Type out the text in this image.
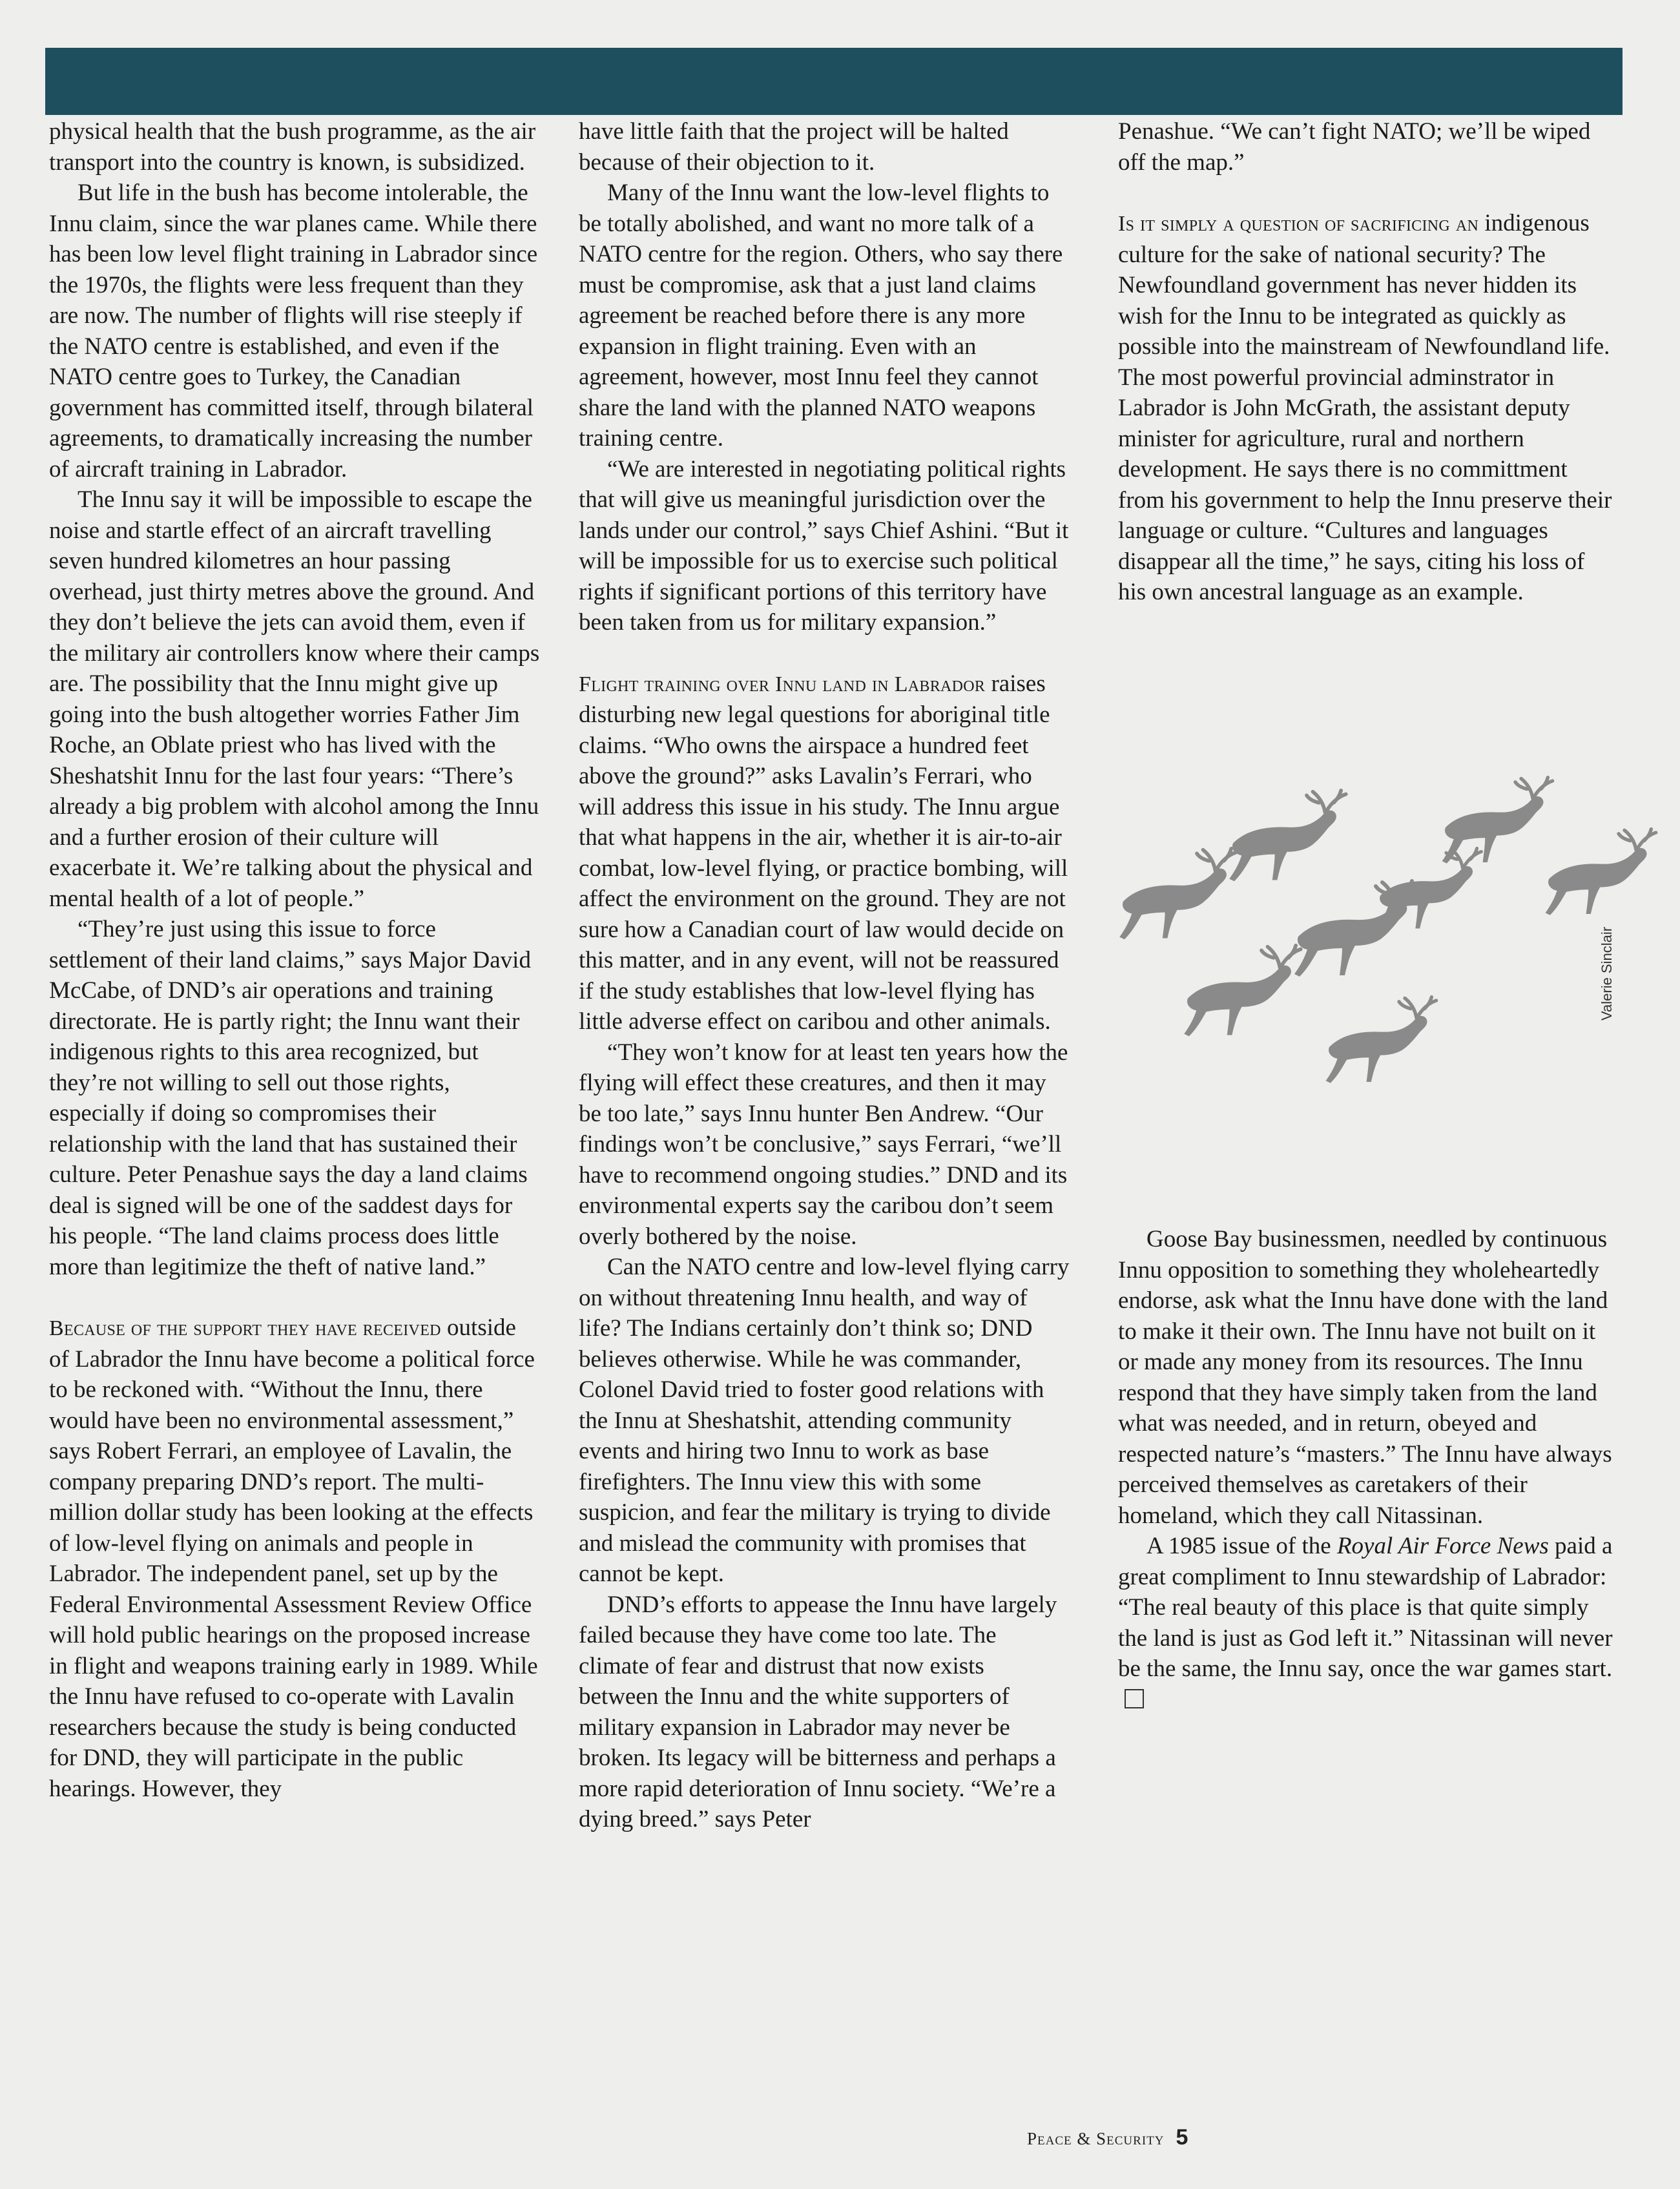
physical health that the bush programme, as the air transport into the country is known, is subsidized.

But life in the bush has become intolerable, the Innu claim, since the war planes came. While there has been low level flight training in Labrador since the 1970s, the flights were less frequent than they are now. The number of flights will rise steeply if the NATO centre is established, and even if the NATO centre goes to Turkey, the Canadian government has committed itself, through bilateral agreements, to dramatically increasing the number of aircraft training in Labrador.

The Innu say it will be impossible to escape the noise and startle effect of an aircraft travelling seven hundred kilometres an hour passing overhead, just thirty metres above the ground. And they don’t believe the jets can avoid them, even if the military air controllers know where their camps are. The possibility that the Innu might give up going into the bush altogether worries Father Jim Roche, an Oblate priest who has lived with the Sheshatshit Innu for the last four years: “There’s already a big problem with alcohol among the Innu and a further erosion of their culture will exacerbate it. We’re talking about the physical and mental health of a lot of people.”

“They’re just using this issue to force settlement of their land claims,” says Major David McCabe, of DND’s air operations and training directorate. He is partly right; the Innu want their indigenous rights to this area recognized, but they’re not willing to sell out those rights, especially if doing so compromises their relationship with the land that has sustained their culture. Peter Penashue says the day a land claims deal is signed will be one of the saddest days for his people. “The land claims process does little more than legitimize the theft of native land.”

Because of the support they have received outside of Labrador the Innu have become a political force to be reckoned with. “Without the Innu, there would have been no environmental assessment,” says Robert Ferrari, an employee of Lavalin, the company preparing DND’s report. The multi-million dollar study has been looking at the effects of low-level flying on animals and people in Labrador. The independent panel, set up by the Federal Environmental Assessment Review Office will hold public hearings on the proposed increase in flight and weapons training early in 1989. While the Innu have refused to co-operate with Lavalin researchers because the study is being conducted for DND, they will participate in the public hearings. However, they

have little faith that the project will be halted because of their objection to it.

Many of the Innu want the low-level flights to be totally abolished, and want no more talk of a NATO centre for the region. Others, who say there must be compromise, ask that a just land claims agreement be reached before there is any more expansion in flight training. Even with an agreement, however, most Innu feel they cannot share the land with the planned NATO weapons training centre.

“We are interested in negotiating political rights that will give us meaningful jurisdiction over the lands under our control,” says Chief Ashini. “But it will be impossible for us to exercise such political rights if significant portions of this territory have been taken from us for military expansion.”

Flight training over Innu land in Labrador raises disturbing new legal questions for aboriginal title claims. “Who owns the airspace a hundred feet above the ground?” asks Lavalin’s Ferrari, who will address this issue in his study. The Innu argue that what happens in the air, whether it is air-to-air combat, low-level flying, or practice bombing, will affect the environment on the ground. They are not sure how a Canadian court of law would decide on this matter, and in any event, will not be reassured if the study establishes that low-level flying has little adverse effect on caribou and other animals.

“They won’t know for at least ten years how the flying will effect these creatures, and then it may be too late,” says Innu hunter Ben Andrew. “Our findings won’t be conclusive,” says Ferrari, “we’ll have to recommend ongoing studies.” DND and its environmental experts say the caribou don’t seem overly bothered by the noise.

Can the NATO centre and low-level flying carry on without threatening Innu health, and way of life? The Indians certainly don’t think so; DND believes otherwise. While he was commander, Colonel David tried to foster good relations with the Innu at Sheshatshit, attending community events and hiring two Innu to work as base firefighters. The Innu view this with some suspicion, and fear the military is trying to divide and mislead the community with promises that cannot be kept.

DND’s efforts to appease the Innu have largely failed because they have come too late. The climate of fear and distrust that now exists between the Innu and the white supporters of military expansion in Labrador may never be broken. Its legacy will be bitterness and perhaps a more rapid deterioration of Innu society. “We’re a dying breed.” says Peter

Penashue. “We can’t fight NATO; we’ll be wiped off the map.”

Is it simply a question of sacrificing an indigenous culture for the sake of national security? The Newfoundland government has never hidden its wish for the Innu to be integrated as quickly as possible into the mainstream of Newfoundland life. The most powerful provincial adminstrator in Labrador is John McGrath, the assistant deputy minister for agriculture, rural and northern development. He says there is no committment from his government to help the Innu preserve their language or culture. “Cultures and languages disappear all the time,” he says, citing his loss of his own ancestral language as an example.

Valerie Sinclair

Goose Bay businessmen, needled by continuous Innu opposition to something they wholeheartedly endorse, ask what the Innu have done with the land to make it their own. The Innu have not built on it or made any money from its resources. The Innu respond that they have simply taken from the land what was needed, and in return, obeyed and respected nature’s “masters.” The Innu have always perceived themselves as caretakers of their homeland, which they call Nitassinan.

A 1985 issue of the Royal Air Force News paid a great compliment to Innu stewardship of Labrador: “The real beauty of this place is that quite simply the land is just as God left it.” Nitassinan will never be the same, the Innu say, once the war games start.

Peace & Security 5
